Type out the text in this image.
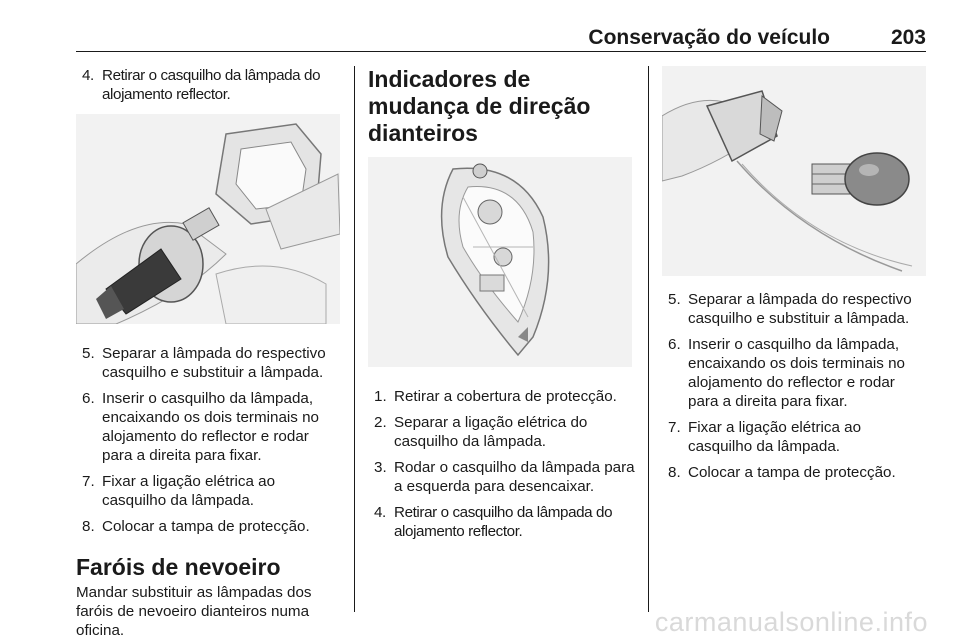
Conservação do veículo	203
4. Retirar o casquilho da lâmpada do alojamento reflector.
5. Separar a lâmpada do respectivo casquilho e substituir a lâmpada.
6. Inserir o casquilho da lâmpada, encaixando os dois terminais no alojamento do reflector e rodar para a direita para fixar.
7. Fixar a ligação elétrica ao casquilho da lâmpada.
8. Colocar a tampa de protecção.
Faróis de nevoeiro

Mandar substituir as lâmpadas dos faróis de nevoeiro dianteiros numa oficina.

Indicadores de mudança de direção dianteiros
1. Retirar a cobertura de protecção.
2. Separar a ligação elétrica do casquilho da lâmpada.
3. Rodar o casquilho da lâmpada para a esquerda para desencaixar.
4. Retirar o casquilho da lâmpada do alojamento reflector.
5. Separar a lâmpada do respectivo casquilho e substituir a lâmpada.
6. Inserir o casquilho da lâmpada, encaixando os dois terminais no alojamento do reflector e rodar para a direita para fixar.
7. Fixar a ligação elétrica ao casquilho da lâmpada.
8. Colocar a tampa de protecção.
carmanualsonline.info
